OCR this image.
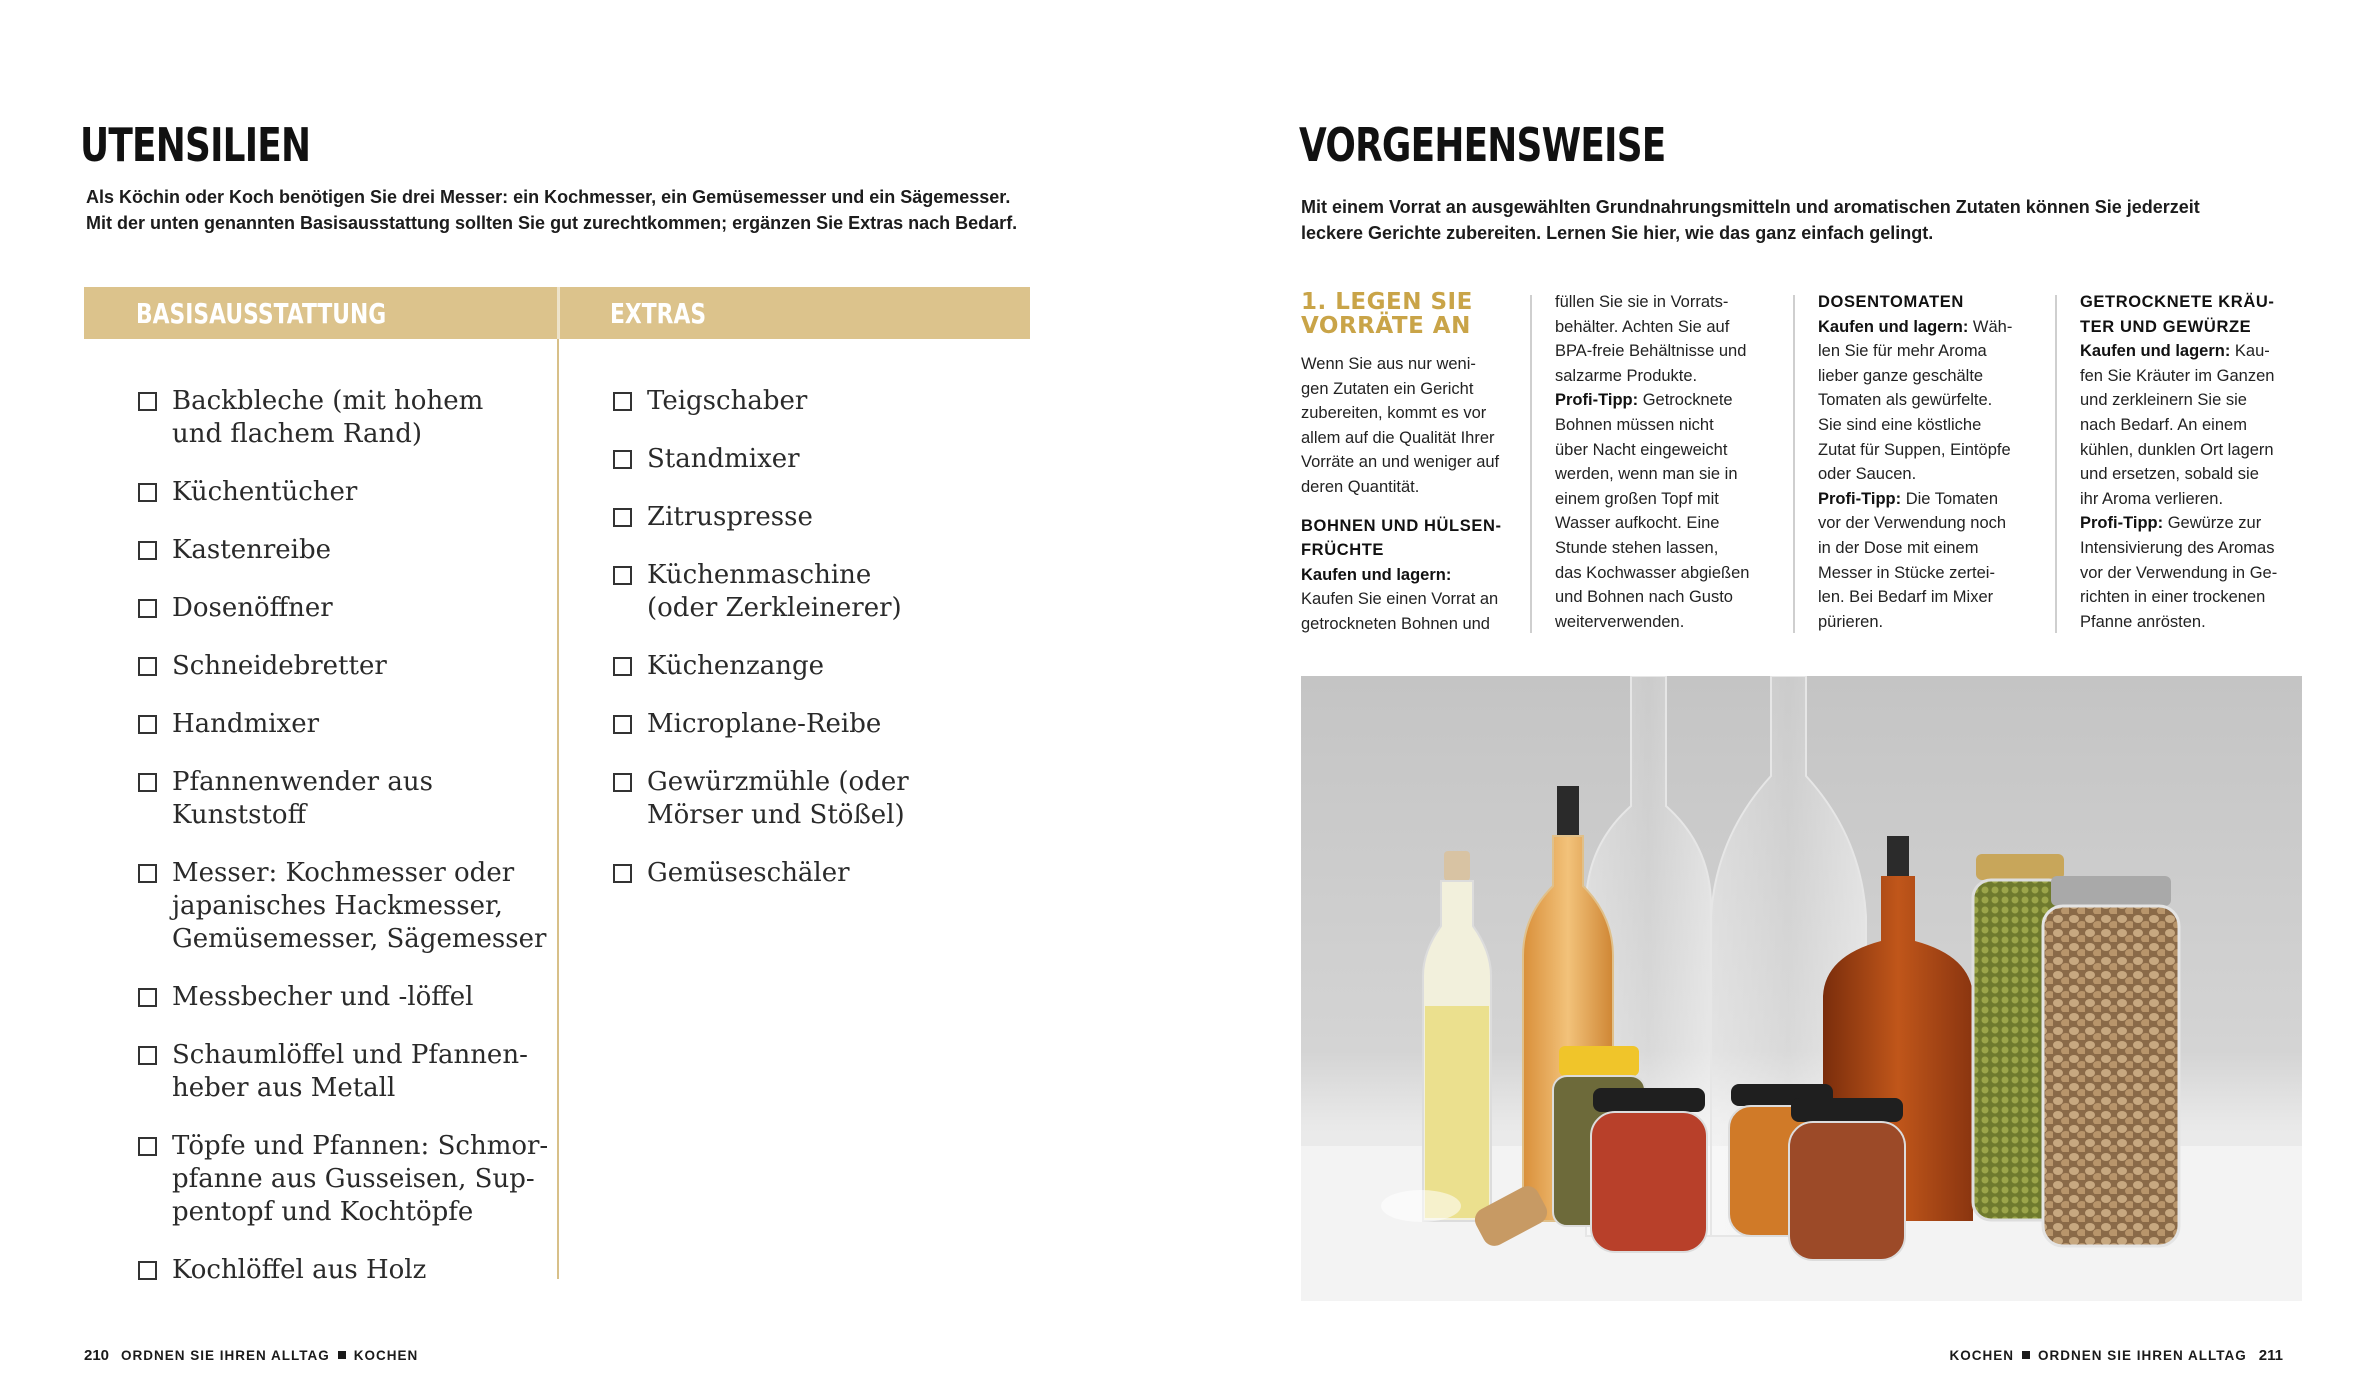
UTENSILIEN
Als Köchin oder Koch benötigen Sie drei Messer: ein Kochmesser, ein Gemüsemesser und ein Sägemesser.
Mit der unten genannten Basisausstattung sollten Sie gut zurechtkommen; ergänzen Sie Extras nach Bedarf.
BASISAUSSTATTUNG	EXTRAS
Backbleche (mit hohem
und flachem Rand)
Küchentücher
Kastenreibe
Dosenöffner
Schneidebretter
Handmixer
Pfannenwender aus
Kunststoff
Messer: Kochmesser oder
japanisches Hackmesser,
Gemüsemesser, Sägemesser
Messbecher und -löffel
Schaumlöffel und Pfannen-
heber aus Metall
Töpfe und Pfannen: Schmor-
pfanne aus Gusseisen, Sup-
pentopf und Kochtöpfe
Kochlöffel aus Holz
Teigschaber
Standmixer
Zitruspresse
Küchenmaschine
(oder Zerkleinerer)
Küchenzange
Microplane-Reibe
Gewürzmühle (oder
Mörser und Stößel)
Gemüseschäler
210 ORDNEN SIE IHREN ALLTAG KOCHEN
VORGEHENSWEISE
Mit einem Vorrat an ausgewählten Grundnahrungsmitteln und aromatischen Zutaten können Sie jederzeit
leckere Gerichte zubereiten. Lernen Sie hier, wie das ganz einfach gelingt.
1. LEGEN SIE
VORRÄTE AN

Wenn Sie aus nur weni-
gen Zutaten ein Gericht
zubereiten, kommt es vor
allem auf die Qualität Ihrer
Vorräte an und weniger auf
deren Quantität.

BOHNEN UND HÜLSEN-
FRÜCHTE
Kaufen und lagern:

Kaufen Sie einen Vorrat an
getrockneten Bohnen und

füllen Sie sie in Vorrats-
behälter. Achten Sie auf
BPA-freie Behältnisse und
salzarme Produkte.

Profi-Tipp: Getrocknete
Bohnen müssen nicht
über Nacht eingeweicht
werden, wenn man sie in
einem großen Topf mit
Wasser aufkocht. Eine
Stunde stehen lassen,
das Kochwasser abgießen
und Bohnen nach Gusto
weiterverwenden.

DOSENTOMATEN

Kaufen und lagern: Wäh-
len Sie für mehr Aroma
lieber ganze geschälte
Tomaten als gewürfelte.
Sie sind eine köstliche
Zutat für Suppen, Eintöpfe
oder Saucen.

Profi-Tipp: Die Tomaten
vor der Verwendung noch
in der Dose mit einem
Messer in Stücke zertei-
len. Bei Bedarf im Mixer
pürieren.

GETROCKNETE KRÄU-
TER UND GEWÜRZE

Kaufen und lagern: Kau-
fen Sie Kräuter im Ganzen
und zerkleinern Sie sie
nach Bedarf. An einem
kühlen, dunklen Ort lagern
und ersetzen, sobald sie
ihr Aroma verlieren.

Profi-Tipp: Gewürze zur
Intensivierung des Aromas
vor der Verwendung in Ge-
richten in einer trockenen
Pfanne anrösten.

KOCHEN ORDNEN SIE IHREN ALLTAG 211
